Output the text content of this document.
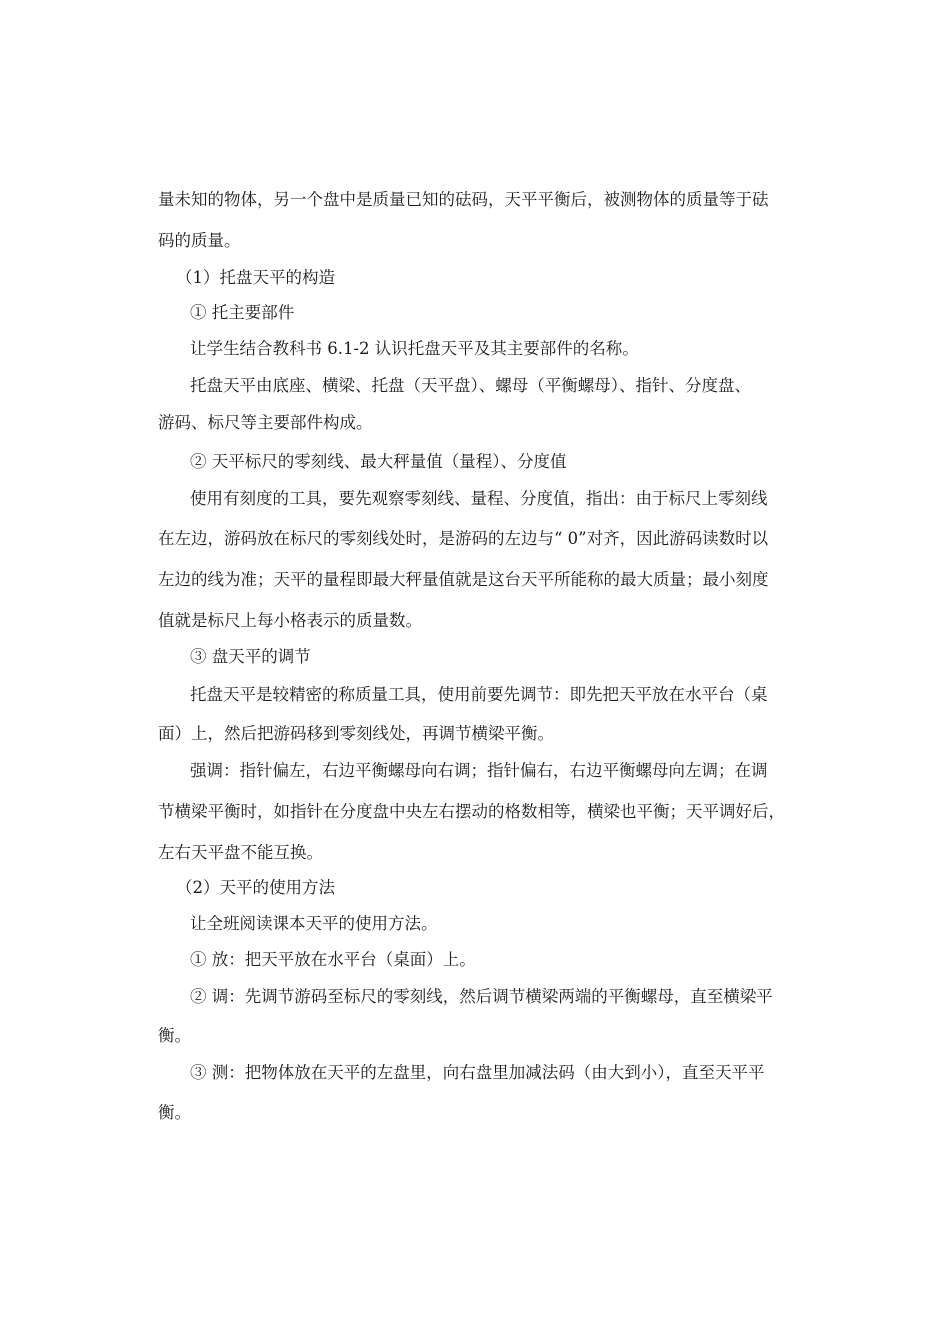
量未知的物体，另一个盘中是质量已知的砝码，天平平衡后，被测物体的质量等于砝
码的质量。
（1）托盘天平的构造
① 托主要部件
让学生结合教科书 6.1-2 认识托盘天平及其主要部件的名称。
托盘天平由底座、横梁、托盘（天平盘）、螺母（平衡螺母）、指针、分度盘、
游码、标尺等主要部件构成。
② 天平标尺的零刻线、最大秤量值（量程）、分度值
使用有刻度的工具，要先观察零刻线、量程、分度值，指出：由于标尺上零刻线
在左边，游码放在标尺的零刻线处时，是游码的左边与“ 0”对齐，因此游码读数时以
左边的线为准；天平的量程即最大秤量值就是这台天平所能称的最大质量；最小刻度
值就是标尺上每小格表示的质量数。
③ 盘天平的调节
托盘天平是较精密的称质量工具，使用前要先调节：即先把天平放在水平台（桌
面）上，然后把游码移到零刻线处，再调节横梁平衡。
强调：指针偏左，右边平衡螺母向右调；指针偏右，右边平衡螺母向左调；在调
节横梁平衡时，如指针在分度盘中央左右摆动的格数相等，横梁也平衡；天平调好后，
左右天平盘不能互换。
（2）天平的使用方法
让全班阅读课本天平的使用方法。
① 放：把天平放在水平台（桌面）上。
② 调：先调节游码至标尺的零刻线，然后调节横梁两端的平衡螺母，直至横梁平
衡。
③ 测：把物体放在天平的左盘里，向右盘里加减法码（由大到小），直至天平平
衡。
